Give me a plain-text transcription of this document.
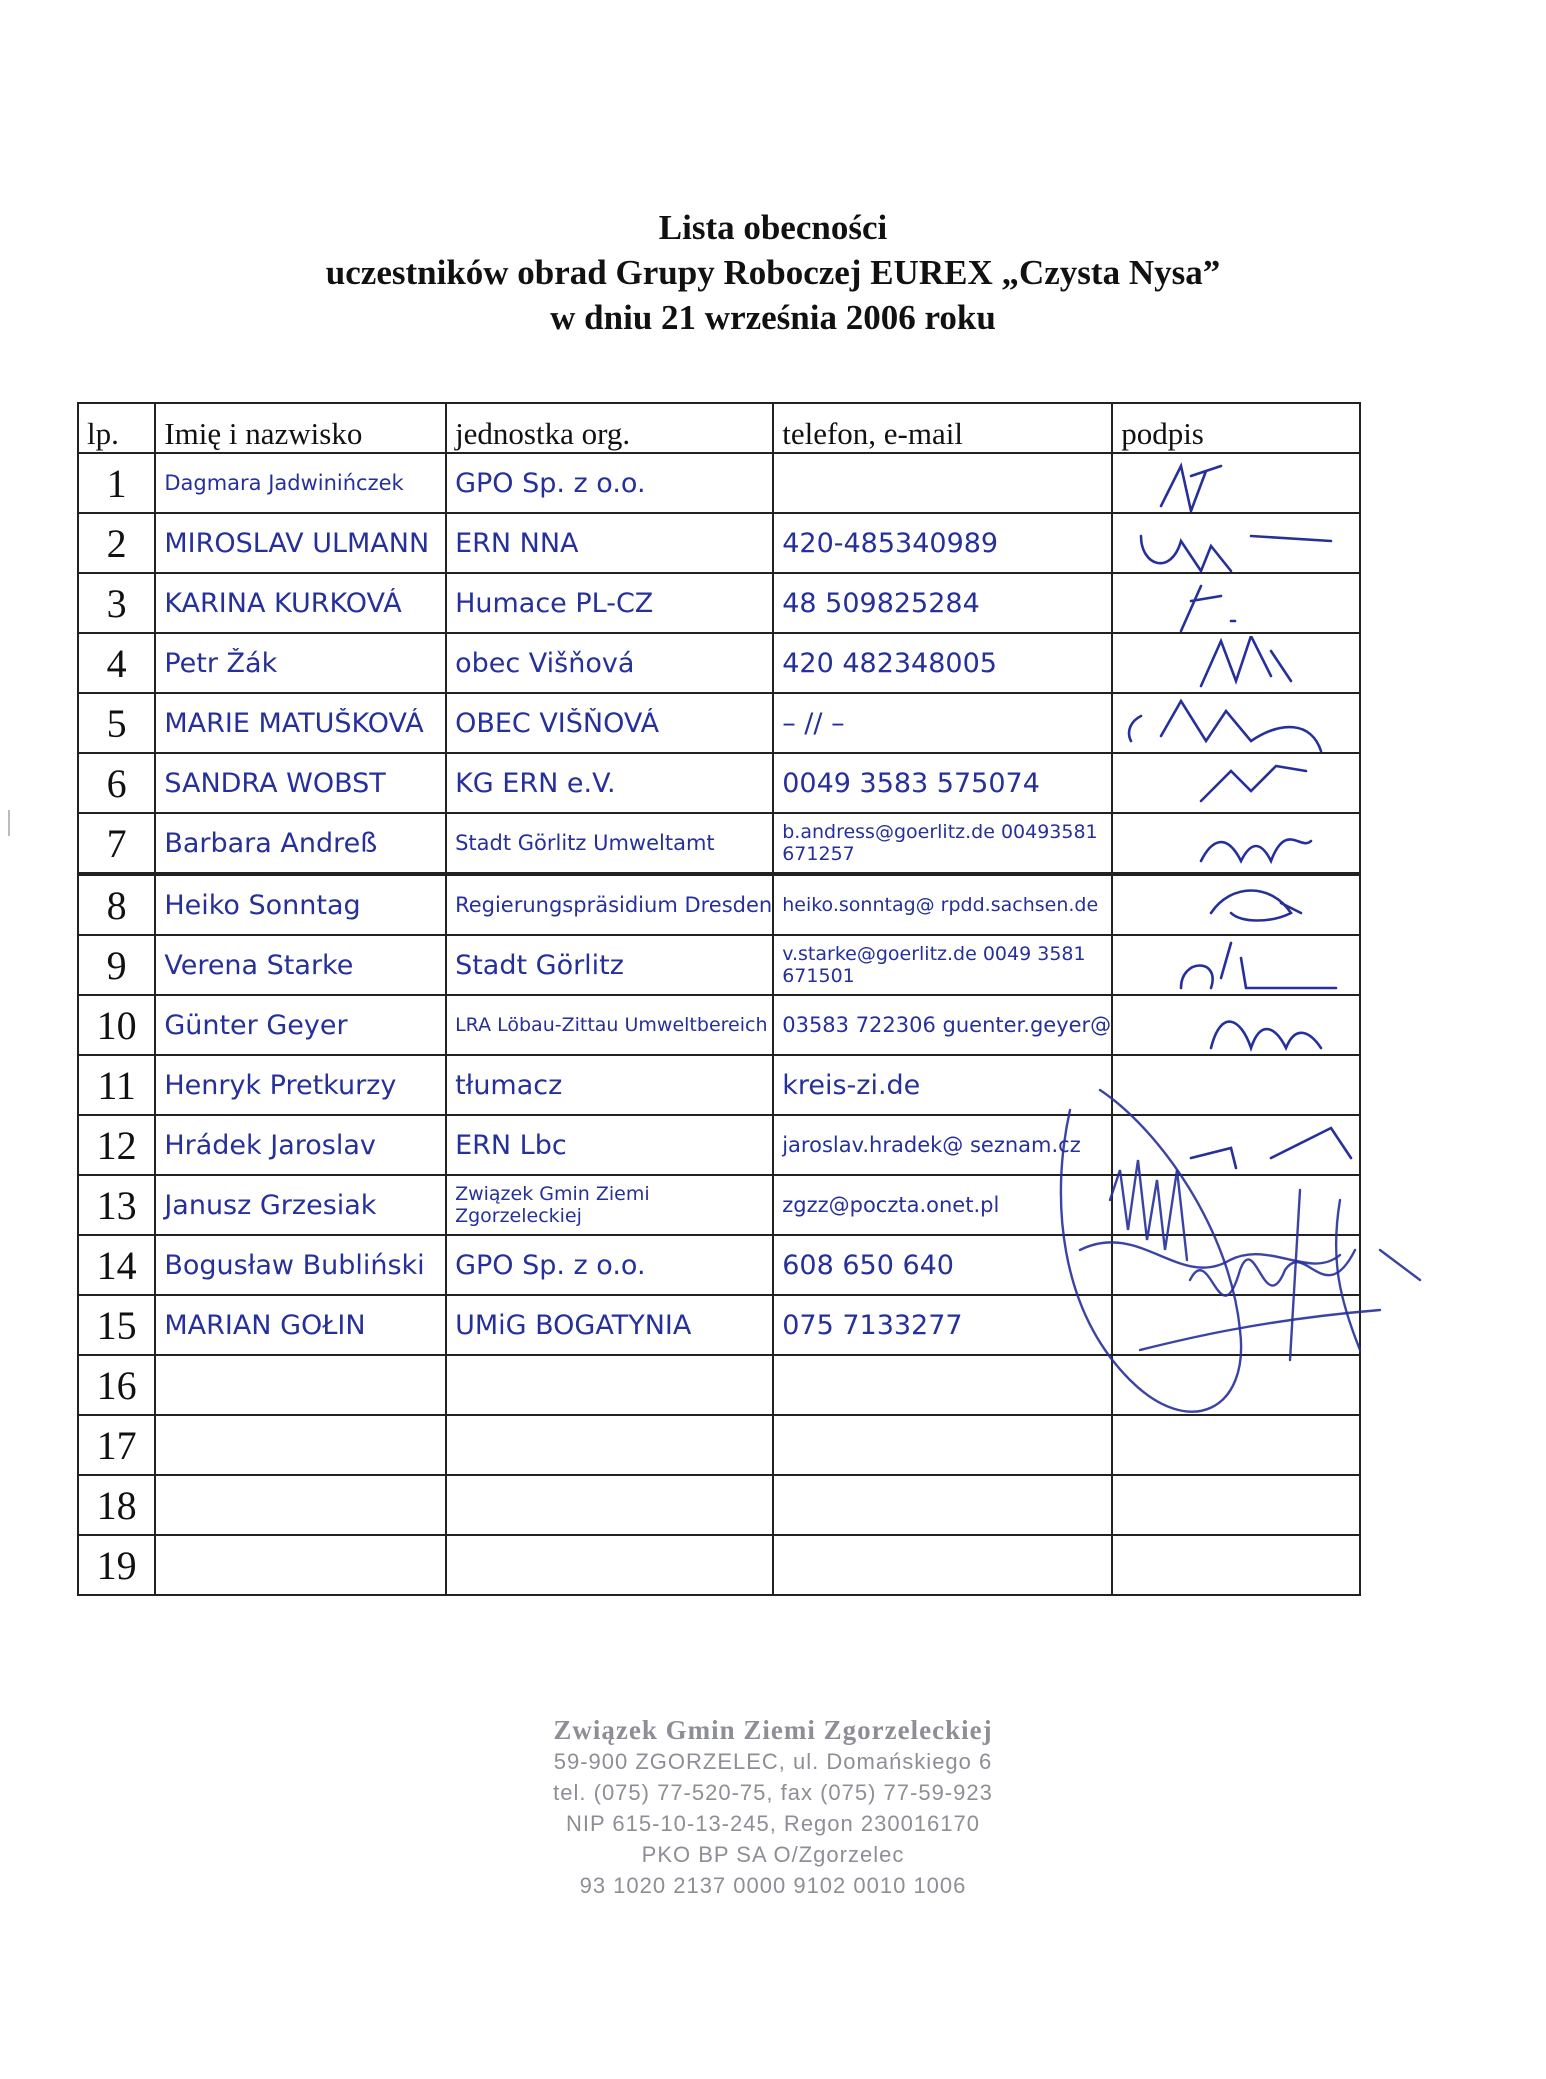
Lista obecności
uczestników obrad Grupy Roboczej EUREX „Czysta Nysa”
w dniu 21 września 2006 roku
lp.	Imię i nazwisko	jednostka org.	telefon, e-mail	podpis
1	Dagmara Jadwinińczek	GPO Sp. z o.o.

2	MIROSLAV ULMANN	ERN NNA	420-485340989

3	KARINA KURKOVÁ	Humace PL-CZ	48 509825284

4	Petr Žák	obec Višňová	420 482348005

5	MARIE MATUŠKOVÁ	OBEC VIŠŇOVÁ	– // –

6	SANDRA WOBST	KG ERN e.V.	0049 3583 575074

7	Barbara Andreß	Stadt Görlitz Umweltamt	b.andress@goerlitz.de 00493581 671257

8	Heiko Sonntag	Regierungspräsidium Dresden	heiko.sonntag@ rpdd.sachsen.de

9	Verena Starke	Stadt Görlitz	v.starke@goerlitz.de 0049 3581 671501

10	Günter Geyer	LRA Löbau-Zittau Umweltbereich	03583 722306 guenter.geyer@

11	Henryk Pretkurzy	tłumacz	kreis-zi.de	

12	Hrádek Jaroslav	ERN Lbc	jaroslav.hradek@ seznam.cz

13	Janusz Grzesiak	Związek Gmin Ziemi Zgorzeleckiej	zgzz@poczta.onet.pl	

14	Bogusław Bubliński	GPO Sp. z o.o.	608 650 640	

15	MARIAN GOŁIN	UMiG BOGATYNIA	075 7133277	

16	

17	

18	

19	

Związek Gmin Ziemi Zgorzeleckiej
59-900 ZGORZELEC, ul. Domańskiego 6
tel. (075) 77-520-75, fax (075) 77-59-923
NIP 615-10-13-245, Regon 230016170
PKO BP SA O/Zgorzelec
93 1020 2137 0000 9102 0010 1006
